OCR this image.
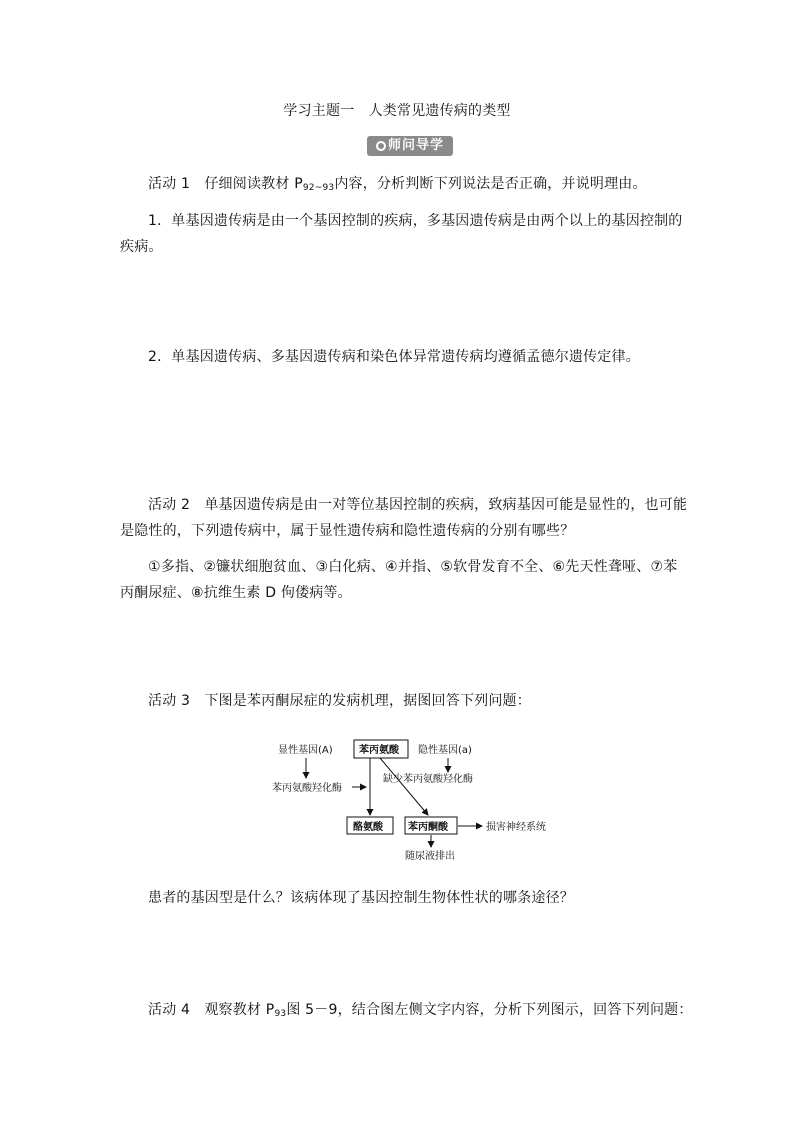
学习主题一　人类常见遗传病的类型
师问导学
活动 1　仔细阅读教材 $P_{92\sim 93}$内容，分析判断下列说法是否正确，并说明理由。
1．单基因遗传病是由一个基因控制的疾病，多基因遗传病是由两个以上的基因控制的
疾病。
2．单基因遗传病、多基因遗传病和染色体异常遗传病均遵循孟德尔遗传定律。
活动 2　单基因遗传病是由一对等位基因控制的疾病，致病基因可能是显性的，也可能
是隐性的，下列遗传病中，属于显性遗传病和隐性遗传病的分别有哪些？
①多指、②镰状细胞贫血、③白化病、④并指、⑤软骨发育不全、⑥先天性聋哑、⑦苯
丙酮尿症、⑧抗维生素 D 佝偻病等。
活动 3　下图是苯丙酮尿症的发病机理，据图回答下列问题：
显性基因(A)	苯丙氨酸 隐性基因(a)
苯丙氨酸羟化酶
缺少苯丙氨酸羟化酶
酪氨酸	苯丙酮酸	损害神经系统
随尿液排出
患者的基因型是什么？该病体现了基因控制生物体性状的哪条途径？
活动 4　观察教材 $P_{93}$图 5－9，结合图左侧文字内容，分析下列图示，回答下列问题：
